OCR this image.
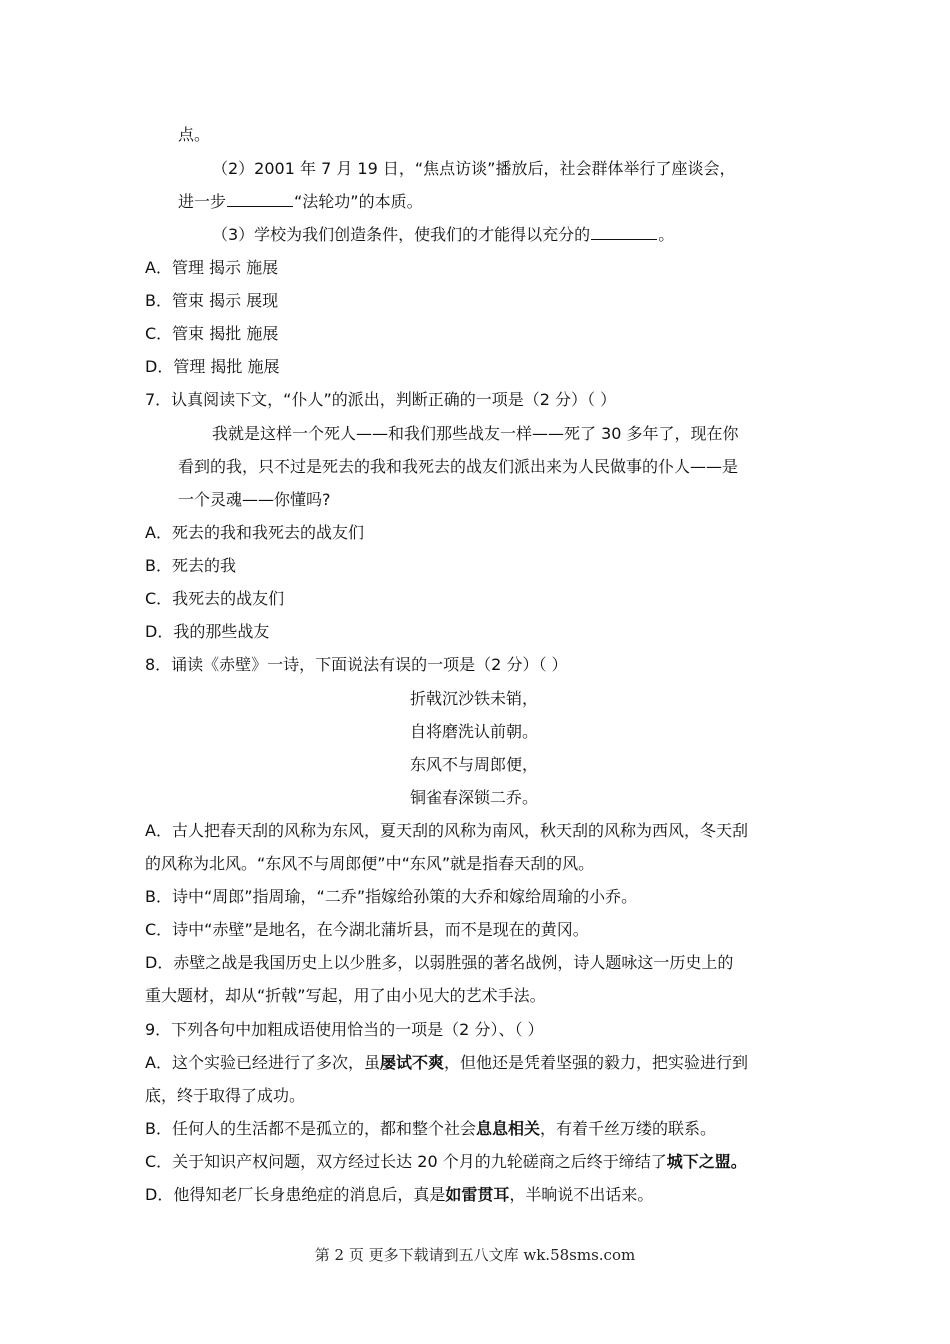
点。
（2）2001 年 7 月 19 日，“焦点访谈”播放后，社会群体举行了座谈会，
进一步	“法轮功”的本质。
（3）学校为我们创造条件，使我们的才能得以充分的	。
A．管理 揭示 施展
B．管束 揭示 展现
C．管束 揭批 施展
D．管理 揭批 施展
7．认真阅读下文，“仆人”的派出，判断正确的一项是（2 分）（ ）
我就是这样一个死人——和我们那些战友一样——死了 30 多年了，现在你
看到的我，只不过是死去的我和我死去的战友们派出来为人民做事的仆人——是
一个灵魂——你懂吗?
A．死去的我和我死去的战友们
B．死去的我
C．我死去的战友们
D．我的那些战友
8．诵读《赤壁》一诗，下面说法有误的一项是（2 分）（ ）
折戟沉沙铁未销，
自将磨洗认前朝。
东风不与周郎便，
铜雀春深锁二乔。
A．古人把春天刮的风称为东风，夏天刮的风称为南风，秋天刮的风称为西风，冬天刮
的风称为北风。“东风不与周郎便”中“东风”就是指春天刮的风。
B．诗中“周郎”指周瑜，“二乔”指嫁给孙策的大乔和嫁给周瑜的小乔。
C．诗中“赤壁”是地名，在今湖北蒲圻县，而不是现在的黄冈。
D．赤壁之战是我国历史上以少胜多，以弱胜强的著名战例，诗人题咏这一历史上的
重大题材，却从“折戟”写起，用了由小见大的艺术手法。
9．下列各句中加粗成语使用恰当的一项是（2 分）、（ ）
A．这个实验已经进行了多次，虽屡试不爽，但他还是凭着坚强的毅力，把实验进行到
底，终于取得了成功。
B．任何人的生活都不是孤立的，都和整个社会息息相关，有着千丝万缕的联系。
C．关于知识产权问题，双方经过长达 20 个月的九轮磋商之后终于缔结了城下之盟。
D．他得知老厂长身患绝症的消息后，真是如雷贯耳，半晌说不出话来。
第 2 页 更多下载请到五八文库 wk.58sms.com
